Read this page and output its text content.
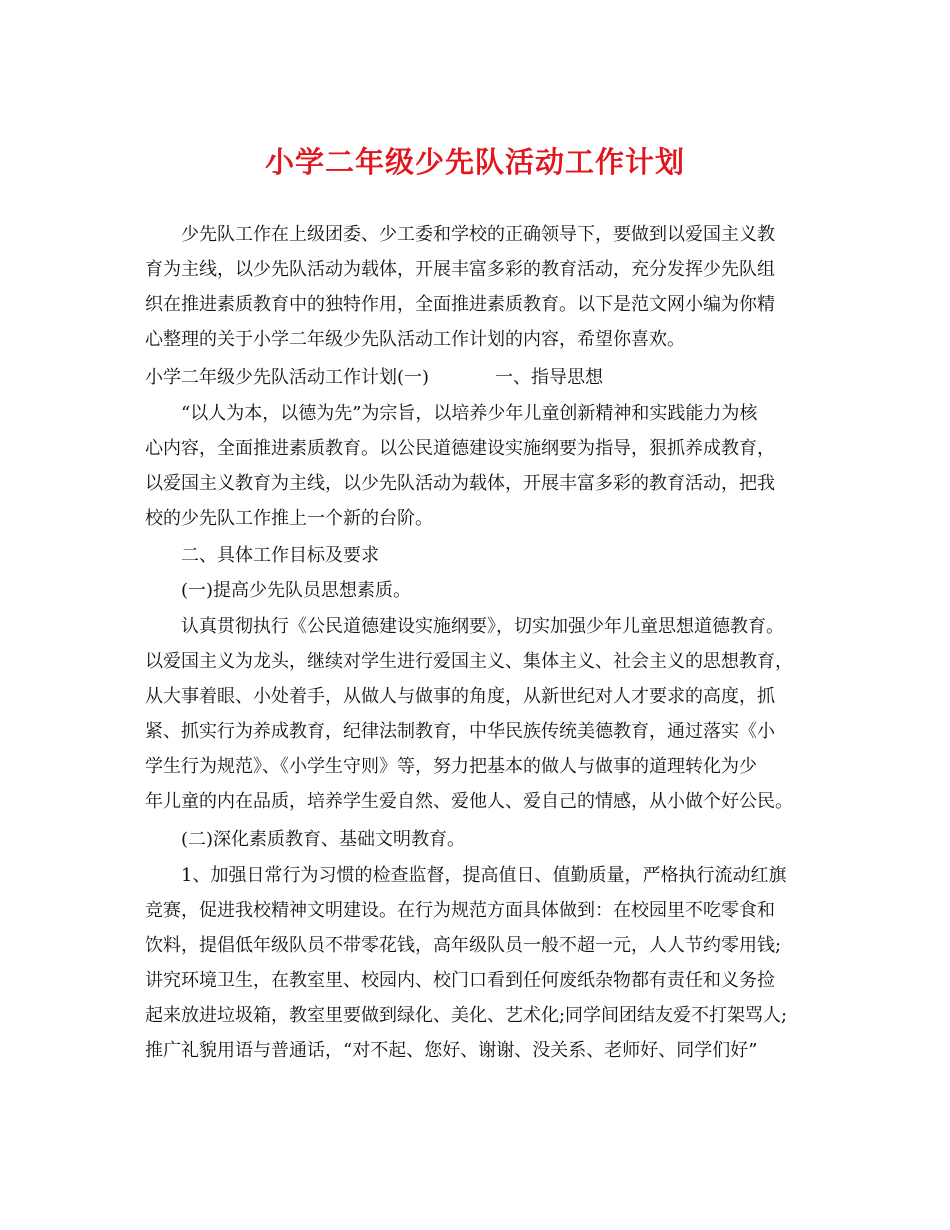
小学二年级少先队活动工作计划
少先队工作在上级团委、少工委和学校的正确领导下，要做到以爱国主义教
育为主线，以少先队活动为载体，开展丰富多彩的教育活动，充分发挥少先队组
织在推进素质教育中的独特作用，全面推进素质教育。以下是范文网小编为你精
心整理的关于小学二年级少先队活动工作计划的内容，希望你喜欢。
小学二年级少先队活动工作计划(一)	一、指导思想
“以人为本，以德为先”为宗旨，以培养少年儿童创新精神和实践能力为核
心内容，全面推进素质教育。以公民道德建设实施纲要为指导，狠抓养成教育，
以爱国主义教育为主线，以少先队活动为载体，开展丰富多彩的教育活动，把我
校的少先队工作推上一个新的台阶。
二、具体工作目标及要求
(一)提高少先队员思想素质。
认真贯彻执行《公民道德建设实施纲要》，切实加强少年儿童思想道德教育。
以爱国主义为龙头，继续对学生进行爱国主义、集体主义、社会主义的思想教育，
从大事着眼、小处着手，从做人与做事的角度，从新世纪对人才要求的高度，抓
紧、抓实行为养成教育，纪律法制教育，中华民族传统美德教育，通过落实《小
学生行为规范》、《小学生守则》等，努力把基本的做人与做事的道理转化为少
年儿童的内在品质，培养学生爱自然、爱他人、爱自己的情感，从小做个好公民。
(二)深化素质教育、基础文明教育。
1、加强日常行为习惯的检查监督，提高值日、值勤质量，严格执行流动红旗
竞赛，促进我校精神文明建设。在行为规范方面具体做到：在校园里不吃零食和
饮料，提倡低年级队员不带零花钱，高年级队员一般不超一元，人人节约零用钱;
讲究环境卫生，在教室里、校园内、校门口看到任何废纸杂物都有责任和义务捡
起来放进垃圾箱，教室里要做到绿化、美化、艺术化;同学间团结友爱不打架骂人;
推广礼貌用语与普通话，“对不起、您好、谢谢、没关系、老师好、同学们好”
